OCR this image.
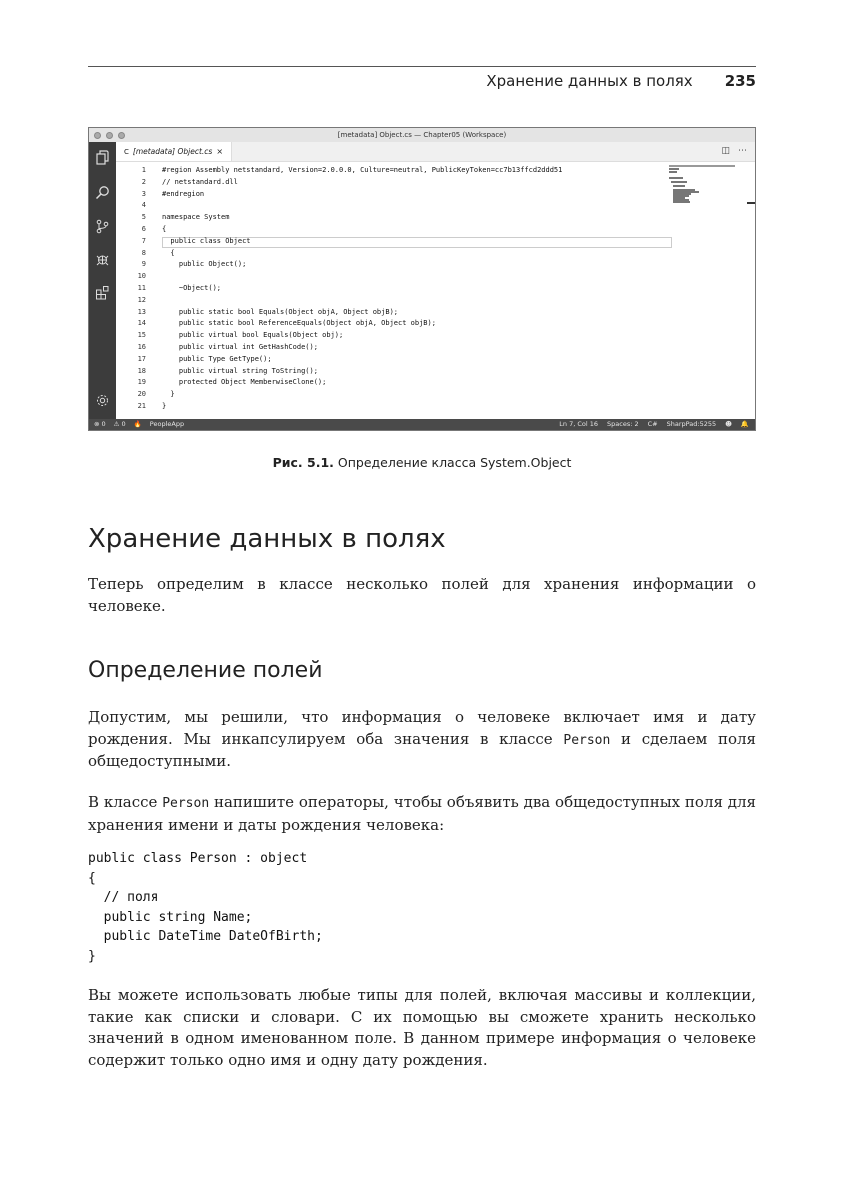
Хранение данных в полях 235
[metadata] Object.cs — Chapter05 (Workspace)
C [metadata] Object.cs ×	◫ ⋯
1 #region Assembly netstandard, Version=2.0.0.0, Culture=neutral, PublicKeyToken=cc7b13ffcd2ddd51
2 // netstandard.dll
3 #endregion
4
5 namespace System
6 {
7  public class Object
8  {
9    public Object();
10
11    ~Object();
12
13    public static bool Equals(Object objA, Object objB);
14    public static bool ReferenceEquals(Object objA, Object objB);
15    public virtual bool Equals(Object obj);
16    public virtual int GetHashCode();
17    public Type GetType();
18    public virtual string ToString();
19    protected Object MemberwiseClone();
20  }
21 }
⊗ 0 ⚠ 0 🔥 PeopleApp	Ln 7, Col 16 Spaces: 2 C# SharpPad:5255 ☻ 🔔
Рис. 5.1. Определение класса System.Object
Хранение данных в полях

Теперь определим в классе несколько полей для хранения информации о человеке.

Определение полей

Допустим, мы решили, что информация о человеке включает имя и дату рождения. Мы инкапсулируем оба значения в классе Person и сделаем поля общедоступными.

В классе Person напишите операторы, чтобы объявить два общедоступных поля для хранения имени и даты рождения человека:

public class Person : object
{
// поля
public string Name;
public DateTime DateOfBirth;
}

Вы можете использовать любые типы для полей, включая массивы и коллекции, такие как списки и словари. С их помощью вы сможете хранить несколько значений в одном именованном поле. В данном примере информация о человеке содержит только одно имя и одну дату рождения.
